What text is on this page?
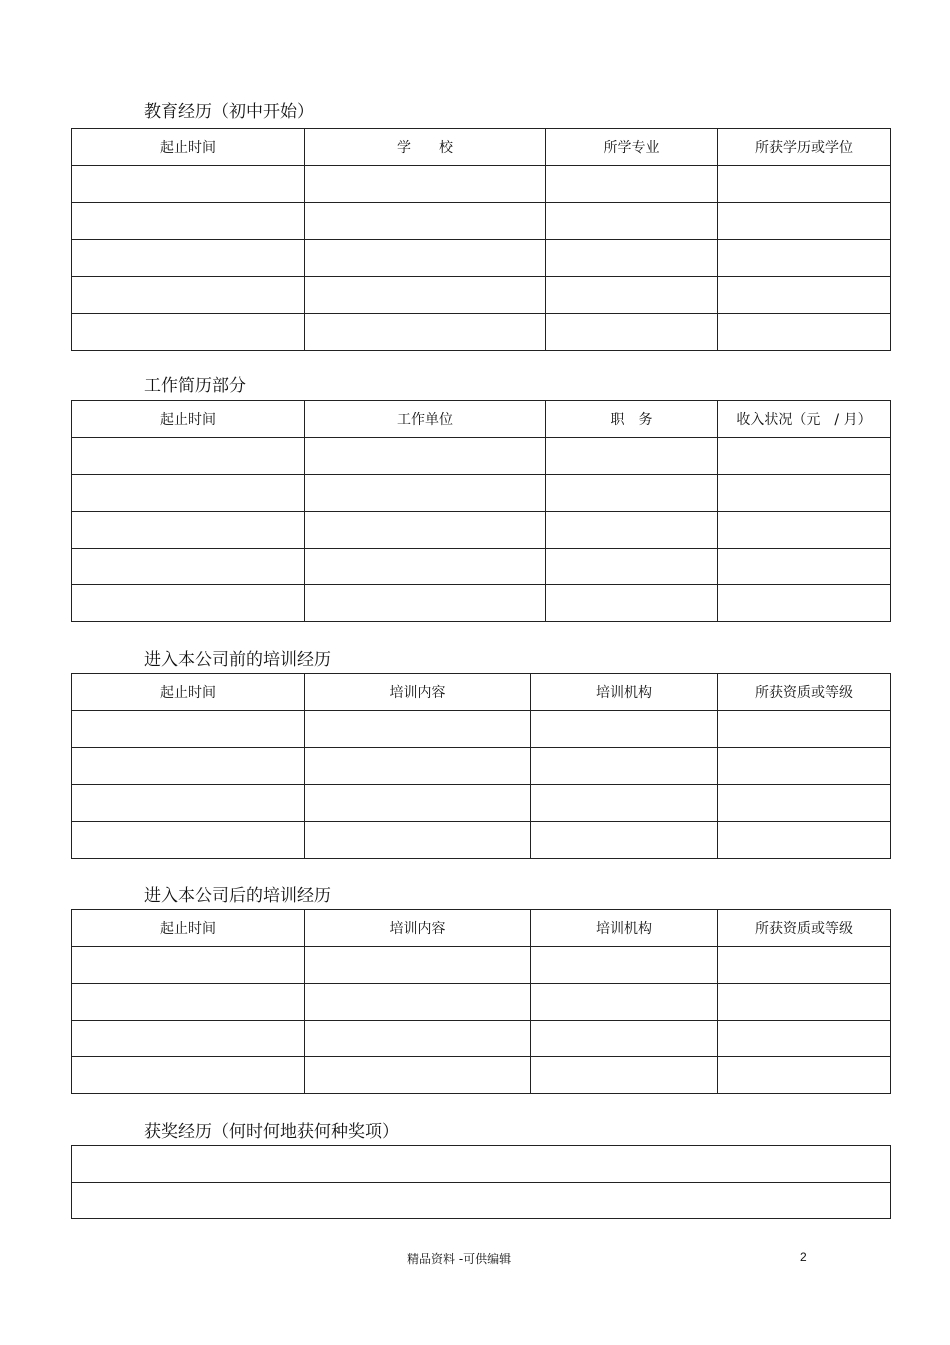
教育经历（初中开始）
起止时间	学　　校	所学专业	所获学历或学位

工作简历部分
起止时间	工作单位	职　务	收入状况（元　/ 月）

进入本公司前的培训经历
起止时间	培训内容	培训机构	所获资质或等级

进入本公司后的培训经历
起止时间	培训内容	培训机构	所获资质或等级

获奖经历（何时何地获何种奖项）

精品资料 -可供编辑	2
